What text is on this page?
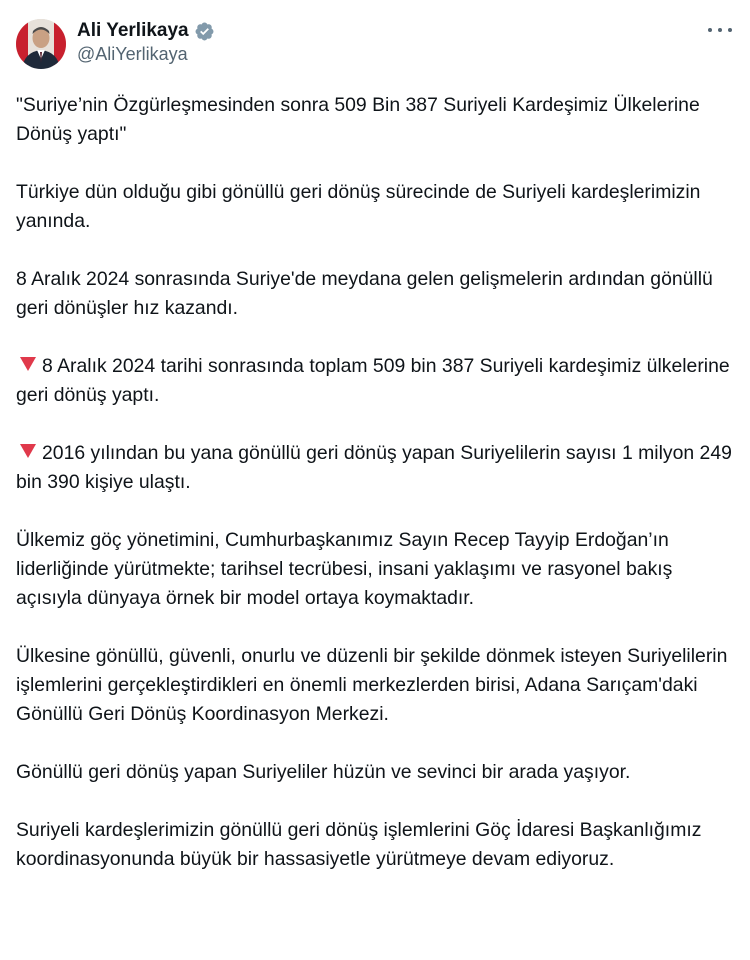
Ali Yerlikaya
@AliYerlikaya

"Suriye’nin Özgürleşmesinden sonra 509 Bin 387 Suriyeli Kardeşimiz Ülkelerine Dönüş yaptı"

Türkiye dün olduğu gibi gönüllü geri dönüş sürecinde de Suriyeli kardeşlerimizin yanında.

8 Aralık 2024 sonrasında Suriye'de meydana gelen gelişmelerin ardından gönüllü geri dönüşler hız kazandı.

8 Aralık 2024 tarihi sonrasında toplam 509 bin 387 Suriyeli kardeşimiz ülkelerine geri dönüş yaptı.

2016 yılından bu yana gönüllü geri dönüş yapan Suriyelilerin sayısı 1 milyon 249 bin 390 kişiye ulaştı.

Ülkemiz göç yönetimini, Cumhurbaşkanımız Sayın Recep Tayyip Erdoğan’ın liderliğinde yürütmekte; tarihsel tecrübesi, insani yaklaşımı ve rasyonel bakış açısıyla dünyaya örnek bir model ortaya koymaktadır.

Ülkesine gönüllü, güvenli, onurlu ve düzenli bir şekilde dönmek isteyen Suriyelilerin işlemlerini gerçekleştirdikleri en önemli merkezlerden birisi, Adana Sarıçam'daki Gönüllü Geri Dönüş Koordinasyon Merkezi.

Gönüllü geri dönüş yapan Suriyeliler hüzün ve sevinci bir arada yaşıyor.

Suriyeli kardeşlerimizin gönüllü geri dönüş işlemlerini Göç İdaresi Başkanlığımız koordinasyonunda büyük bir hassasiyetle yürütmeye devam ediyoruz.
